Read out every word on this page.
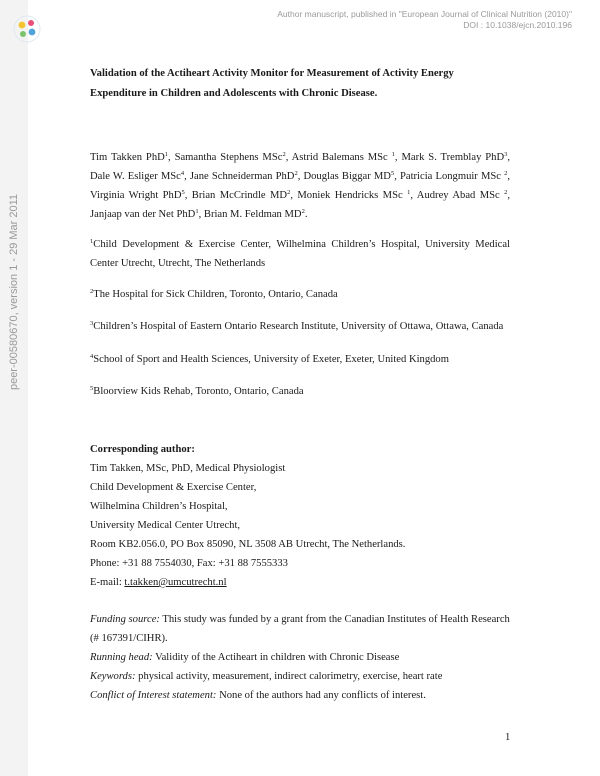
peer-00580670, version 1 - 29 Mar 2011
Author manuscript, published in "European Journal of Clinical Nutrition (2010)"
DOI : 10.1038/ejcn.2010.196

Validation of the Actiheart Activity Monitor for Measurement of Activity Energy Expenditure in Children and Adolescents with Chronic Disease.

Tim Takken PhD$^1$, Samantha Stephens MSc$^2$, Astrid Balemans MSc $^1$, Mark S. Tremblay PhD$^3$, Dale W. Esliger MSc$^4$, Jane Schneiderman PhD$^2$, Douglas Biggar $MD^5$, Patricia Longmuir MSc $^2$, Virginia Wright PhD$^5$, Brian McCrindle $MD^2$, Moniek Hendricks MSc $^1$, Audrey Abad MSc $^2$, Janjaap van der Net PhD$^1$, Brian M. Feldman $MD^2$.

$^1$Child Development & Exercise Center, Wilhelmina Children’s Hospital, University Medical Center Utrecht, Utrecht, The Netherlands

$^2$The Hospital for Sick Children, Toronto, Ontario, Canada

$^3$Children’s Hospital of Eastern Ontario Research Institute, University of Ottawa, Ottawa, Canada

$^4$School of Sport and Health Sciences, University of Exeter, Exeter, United Kingdom

$^5$Bloorview Kids Rehab, Toronto, Ontario, Canada

Corresponding author:
Tim Takken, MSc, PhD, Medical Physiologist
Child Development & Exercise Center,
Wilhelmina Children’s Hospital,
University Medical Center Utrecht,
Room KB2.056.0, PO Box 85090, NL 3508 AB Utrecht, The Netherlands.
Phone: +31 88 7554030, Fax: +31 88 7555333
E-mail: t.takken@umcutrecht.nl
Funding source: This study was funded by a grant from the Canadian Institutes of Health Research (# 167391/CIHR).
Running head: Validity of the Actiheart in children with Chronic Disease
Keywords: physical activity, measurement, indirect calorimetry, exercise, heart rate
Conflict of Interest statement: None of the authors had any conflicts of interest.
1
